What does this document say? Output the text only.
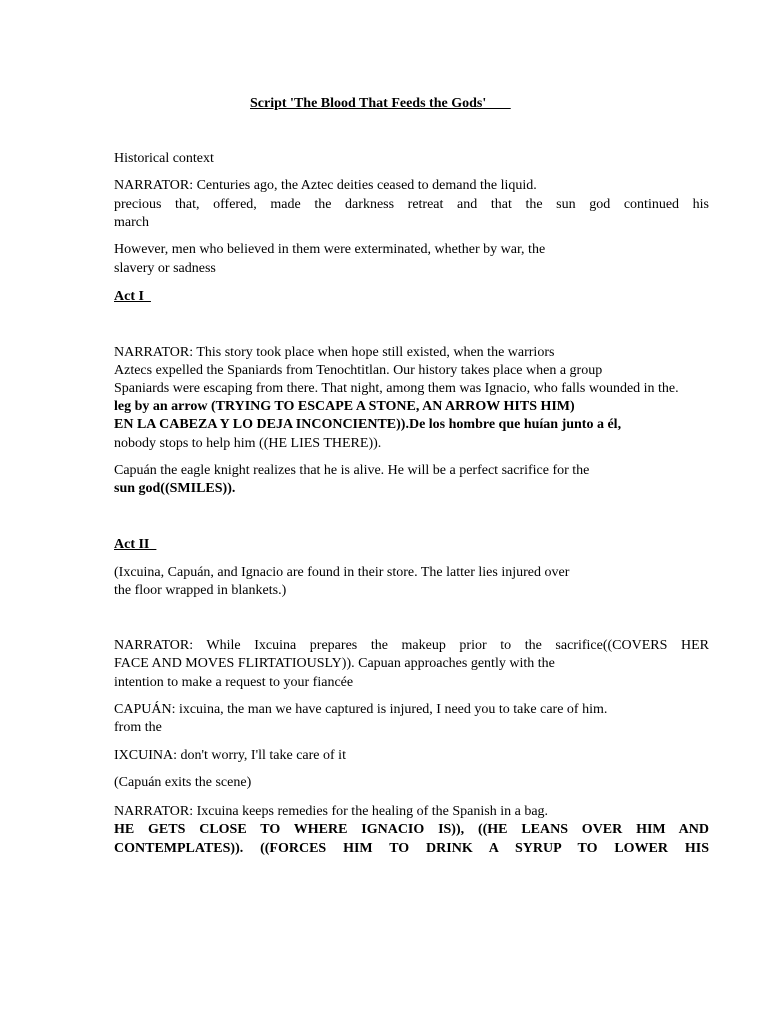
Script 'The Blood That Feeds the Gods'
Historical context
NARRATOR: Centuries ago, the Aztec deities ceased to demand the liquid.
precious that, offered, made the darkness retreat and that the sun god continued his
march
However, men who believed in them were exterminated, whether by war, the
slavery or sadness
Act I
NARRATOR: This story took place when hope still existed, when the warriors
Aztecs expelled the Spaniards from Tenochtitlan. Our history takes place when a group
Spaniards were escaping from there. That night, among them was Ignacio, who falls wounded in the.
leg by an arrow (TRYING TO ESCAPE A STONE, AN ARROW HITS HIM)
EN LA CABEZA Y LO DEJA INCONCIENTE)).De los hombre que huían junto a él,
nobody stops to help him ((HE LIES THERE)).
Capuán the eagle knight realizes that he is alive. He will be a perfect sacrifice for the
sun god((SMILES)).
Act II
(Ixcuina, Capuán, and Ignacio are found in their store. The latter lies injured over
the floor wrapped in blankets.)
NARRATOR: While Ixcuina prepares the makeup prior to the sacrifice((COVERS HER
FACE AND MOVES FLIRTATIOUSLY)). Capuan approaches gently with the
intention to make a request to your fiancée
CAPUÁN: ixcuina, the man we have captured is injured, I need you to take care of him.
from the
IXCUINA: don't worry, I'll take care of it
(Capuán exits the scene)
NARRATOR: Ixcuina keeps remedies for the healing of the Spanish in a bag.
HE GETS CLOSE TO WHERE IGNACIO IS)), ((HE LEANS OVER HIM AND
CONTEMPLATES)). ((FORCES HIM TO DRINK A SYRUP TO LOWER HIS
